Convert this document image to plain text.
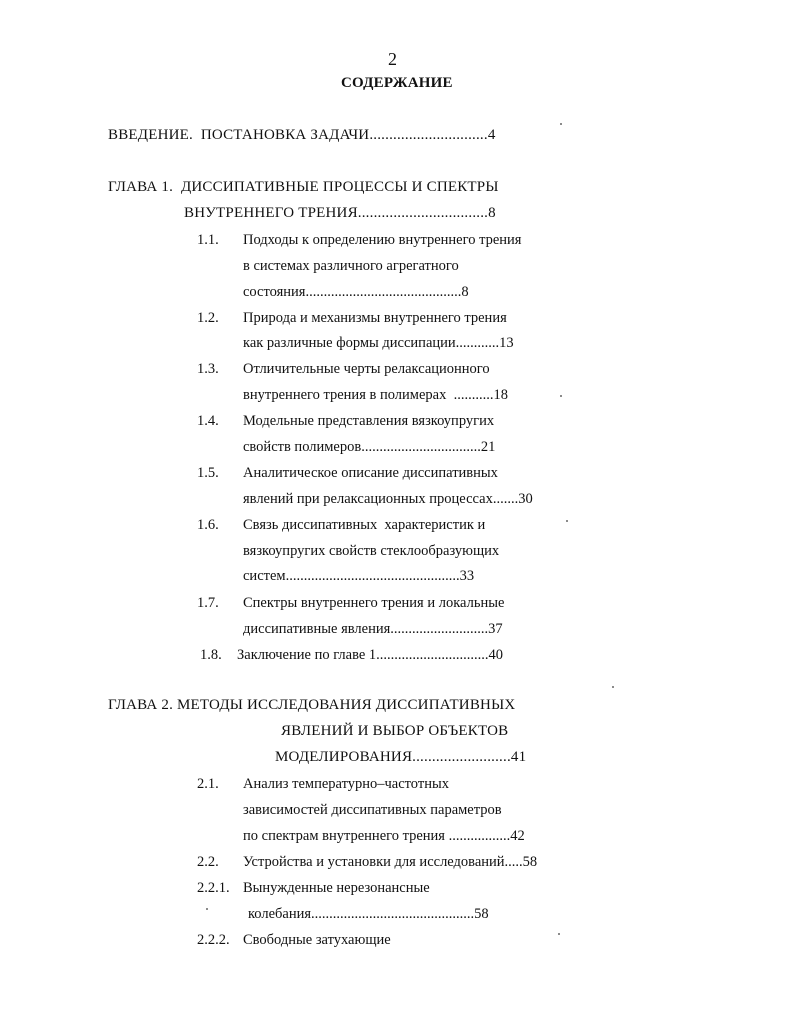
2
СОДЕРЖАНИЕ
ВВЕДЕНИЕ.  ПОСТАНОВКА ЗАДАЧИ..............................4
ГЛАВА 1.  ДИССИПАТИВНЫЕ ПРОЦЕССЫ И СПЕКТРЫ
ВНУТРЕННЕГО ТРЕНИЯ.................................8
1.1. Подходы к определению внутреннего трения
в системах различного агрегатного
состояния...........................................8
1.2. Природа и механизмы внутреннего трения
как различные формы диссипации............13
1.3. Отличительные черты релаксационного
внутреннего трения в полимерах  ...........18
1.4. Модельные представления вязкоупругих
свойств полимеров.................................21
1.5. Аналитическое описание диссипативных
явлений при релаксационных процессах.......30
1.6. Связь диссипативных  характеристик и
вязкоупругих свойств стеклообразующих
систем................................................33
1.7. Спектры внутреннего трения и локальные
диссипативные явления...........................37
1.8. Заключение по главе 1...............................40
ГЛАВА 2. МЕТОДЫ ИССЛЕДОВАНИЯ ДИССИПАТИВНЫХ
ЯВЛЕНИЙ И ВЫБОР ОБЪЕКТОВ
МОДЕЛИРОВАНИЯ.........................41
2.1. Анализ температурно–частотных
зависимостей диссипативных параметров
по спектрам внутреннего трения .................42
2.2. Устройства и установки для исследований.....58
2.2.1. Вынужденные нерезонансные
колебания.............................................58
2.2.2. Свободные затухающие
